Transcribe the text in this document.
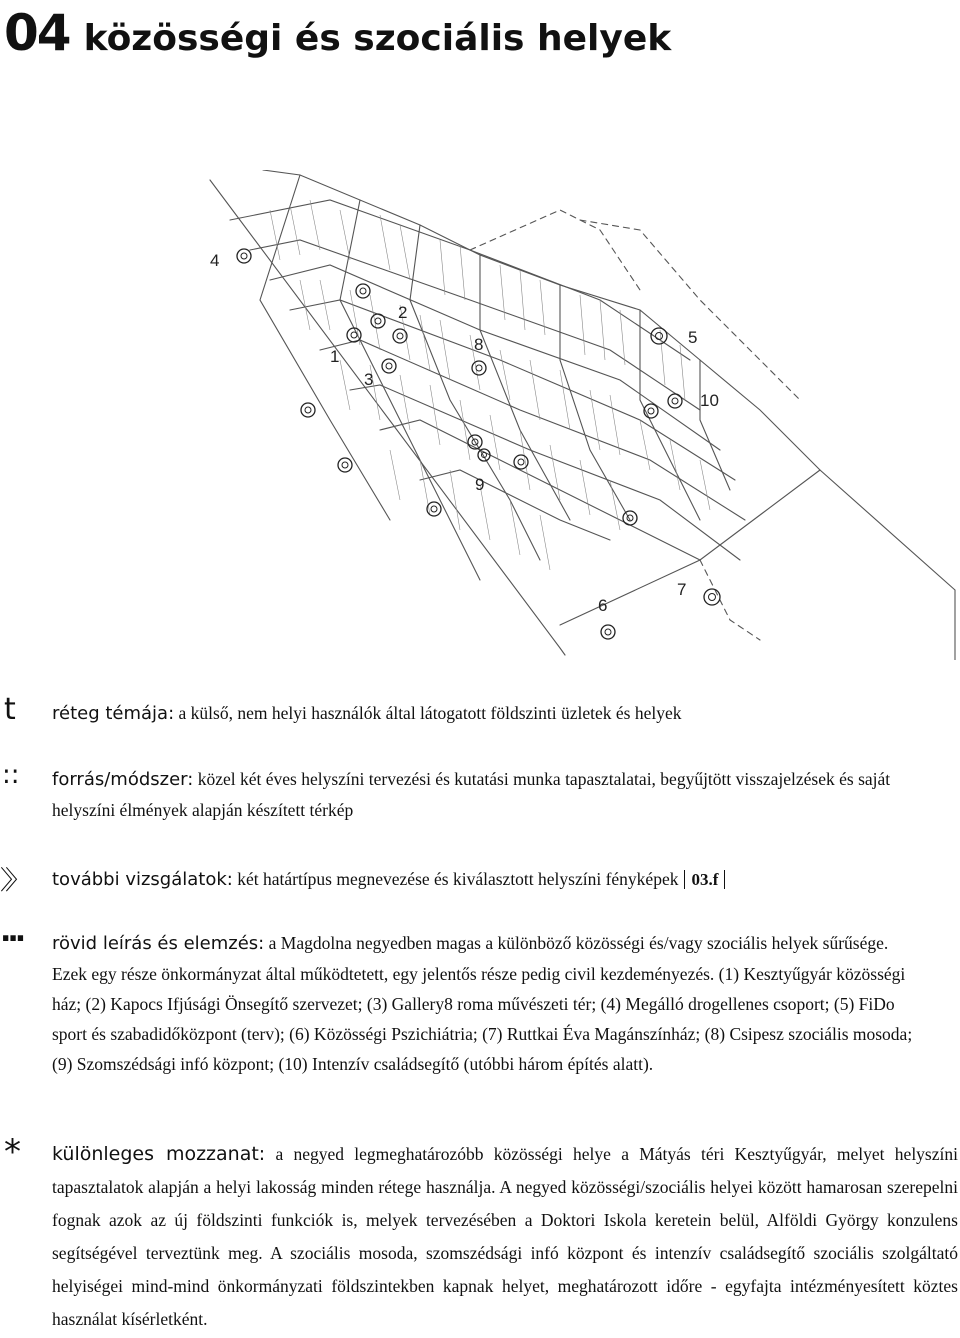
04 közösségi és szociális helyek
4
2
1
8	5
3
10
9
6
7
t réteg témája: a külső, nem helyi használók által látogatott földszinti üzletek és helyek
:: forrás/módszer: közel két éves helyszíni tervezési és kutatási munka tapasztalatai, begyűjtött visszajelzések és saját helyszíni élmények alapján készített térkép
〉〉 további vizsgálatok: két határtípus megnevezése és kiválasztott helyszíni fényképek 03.f
... rövid leírás és elemzés: a Magdolna negyedben magas a különböző közösségi és/vagy szociális helyek sűrűsége. Ezek egy része önkormányzat által működtetett, egy jelentős része pedig civil kezdeményezés. (1) Kesztyűgyár közösségi ház; (2) Kapocs Ifjúsági Önsegítő szervezet; (3) Gallery8 roma művészeti tér; (4) Megálló drogellenes csoport; (5) FiDo sport és szabadidőközpont (terv); (6) Közösségi Pszichiátria; (7) Ruttkai Éva Magánszínház; (8) Csipesz szociális mosoda; (9) Szomszédsági infó központ; (10) Intenzív családsegítő (utóbbi három építés alatt).
* különleges mozzanat: a negyed legmeghatározóbb közösségi helye a Mátyás téri Kesztyűgyár, melyet helyszíni tapasztalatok alapján a helyi lakosság minden rétege használja. A negyed közösségi/szociális helyei között hamarosan szerepelni fognak azok az új földszinti funkciók is, melyek tervezésében a Doktori Iskola keretein belül, Alföldi György konzulens segítségével terveztünk meg. A szociális mosoda, szomszédsági infó központ és intenzív családsegítő szociális szolgáltató helyiségei mind-mind önkormányzati földszintekben kapnak helyet, meghatározott időre - egyfajta intézményesített köztes használat kísérletként.
